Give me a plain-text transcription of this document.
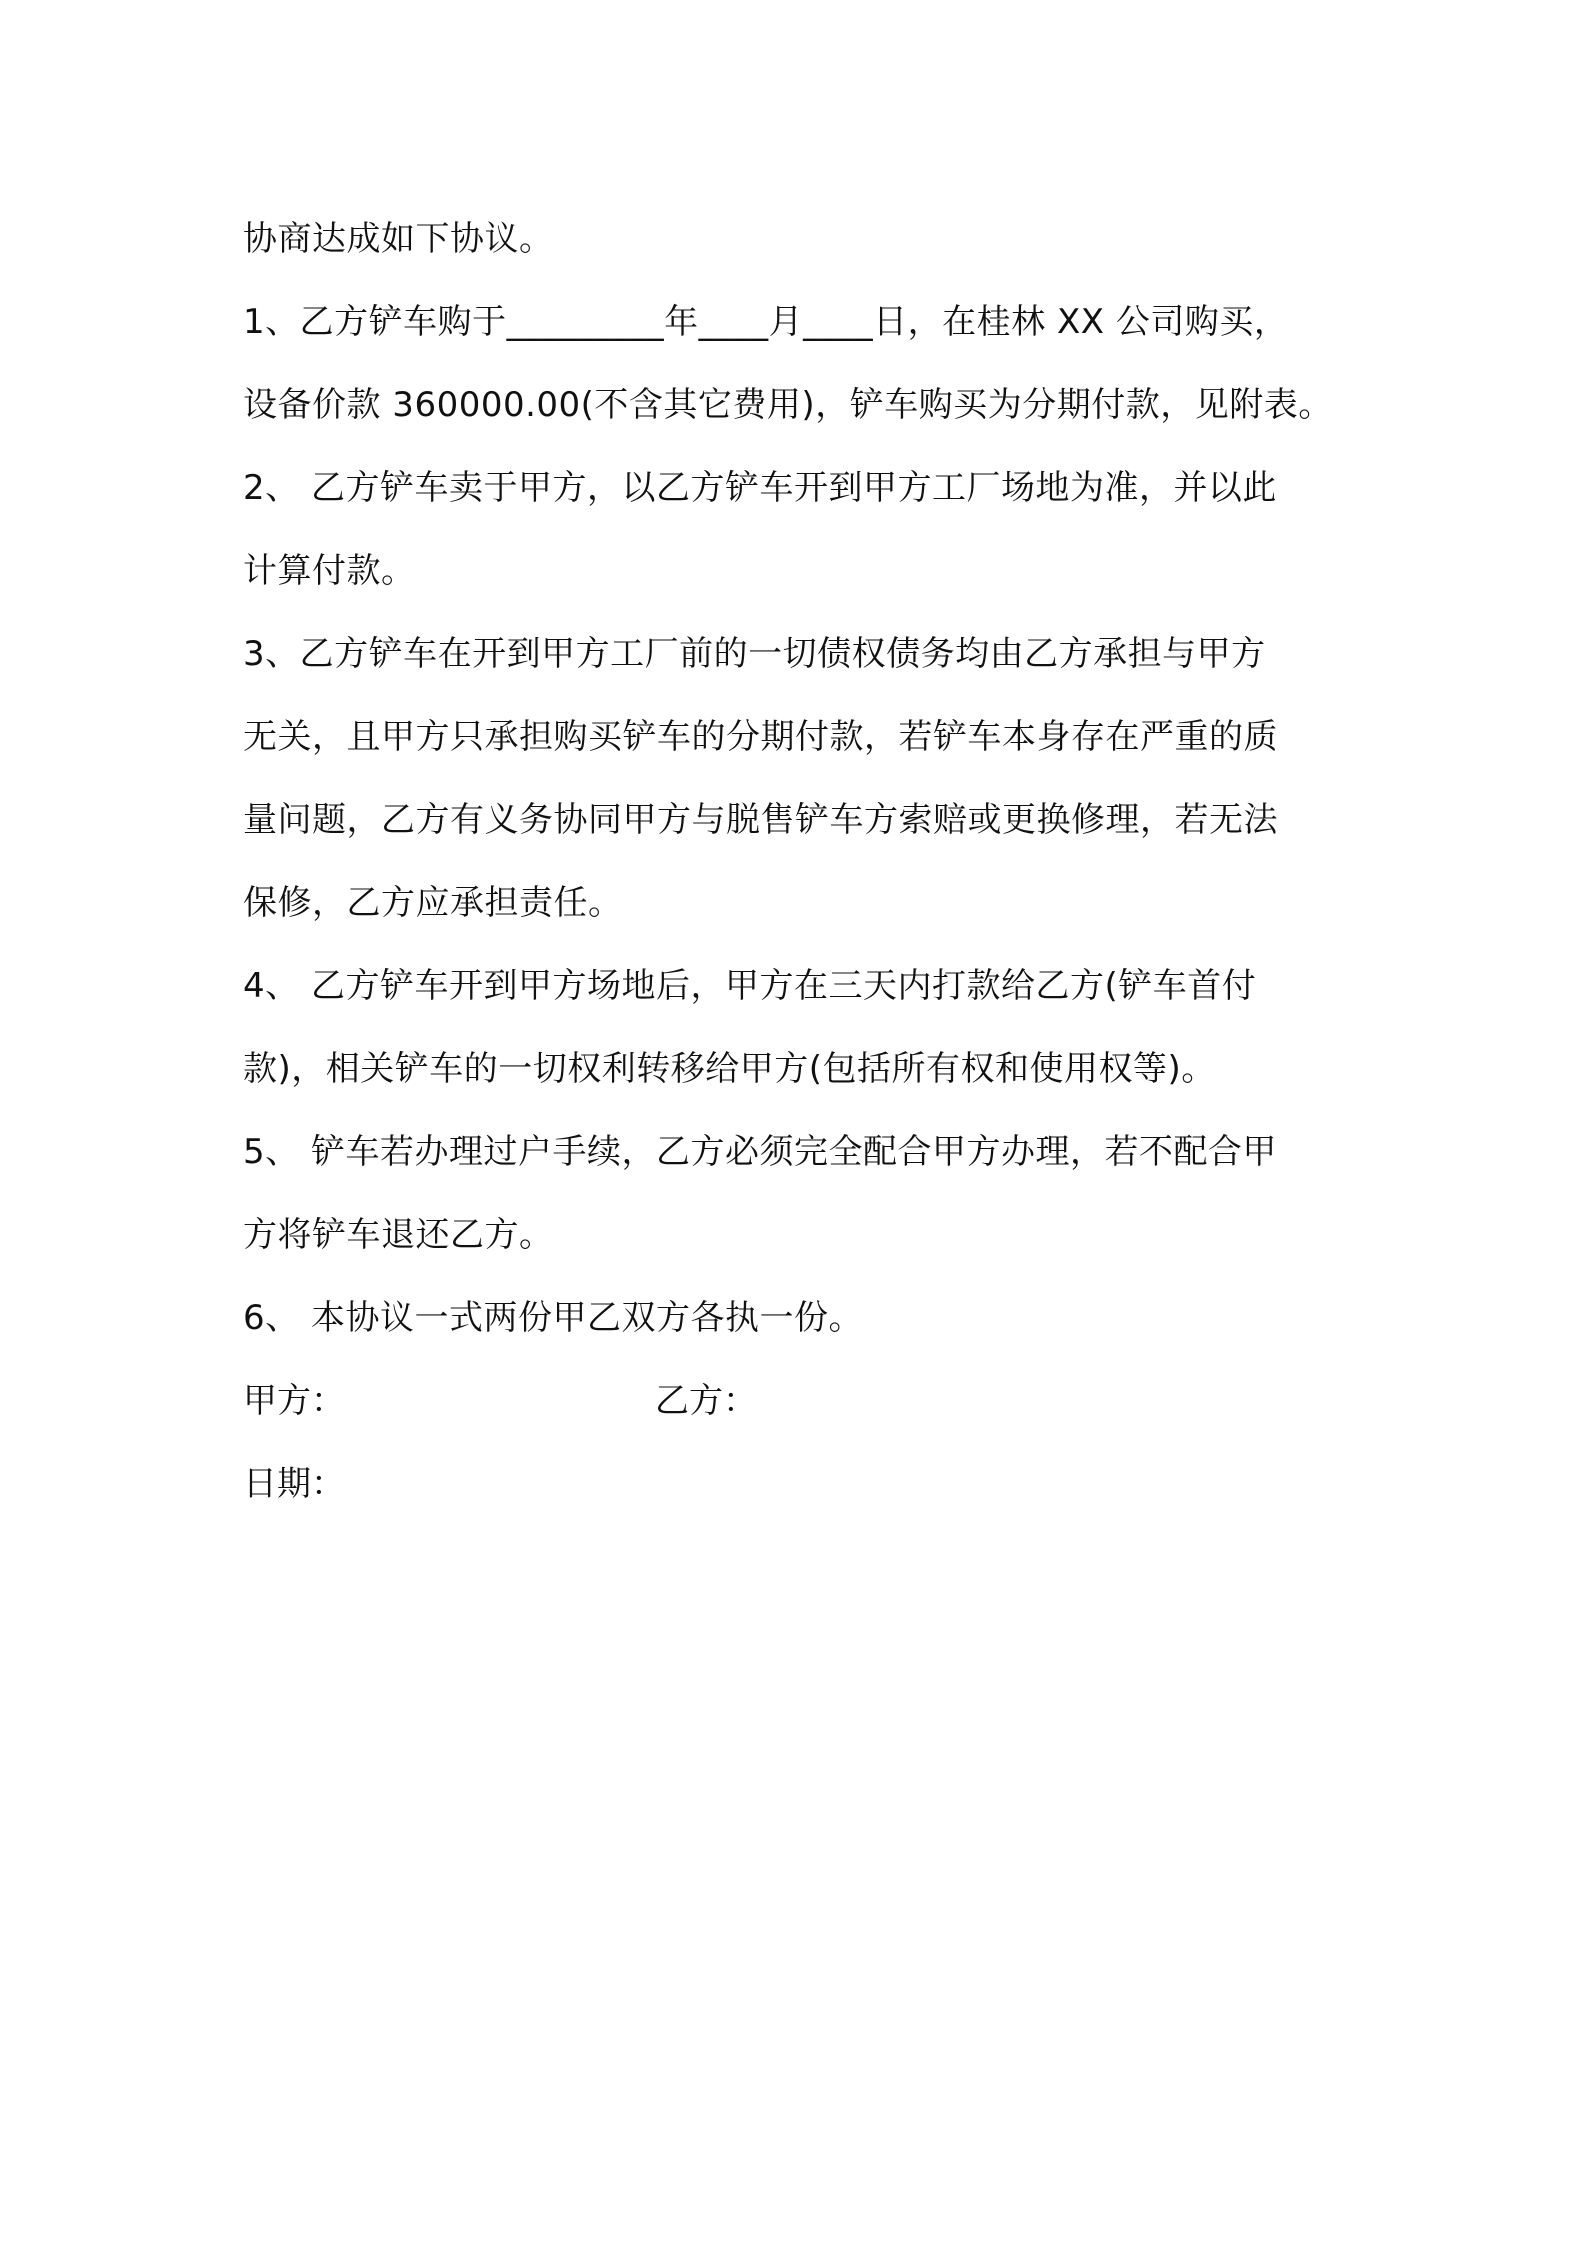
协商达成如下协议。
1、乙方铲车购于_________年____月____日，在桂林 XX 公司购买，
设备价款 360000.00(不含其它费用)，铲车购买为分期付款，见附表。
2、 乙方铲车卖于甲方，以乙方铲车开到甲方工厂场地为准，并以此
计算付款。
3、乙方铲车在开到甲方工厂前的一切债权债务均由乙方承担与甲方
无关，且甲方只承担购买铲车的分期付款，若铲车本身存在严重的质
量问题，乙方有义务协同甲方与脱售铲车方索赔或更换修理，若无法
保修，乙方应承担责任。
4、 乙方铲车开到甲方场地后，甲方在三天内打款给乙方(铲车首付
款)，相关铲车的一切权利转移给甲方(包括所有权和使用权等)。
5、 铲车若办理过户手续，乙方必须完全配合甲方办理，若不配合甲
方将铲车退还乙方。
6、 本协议一式两份甲乙双方各执一份。
甲方：	乙方：
日期：
